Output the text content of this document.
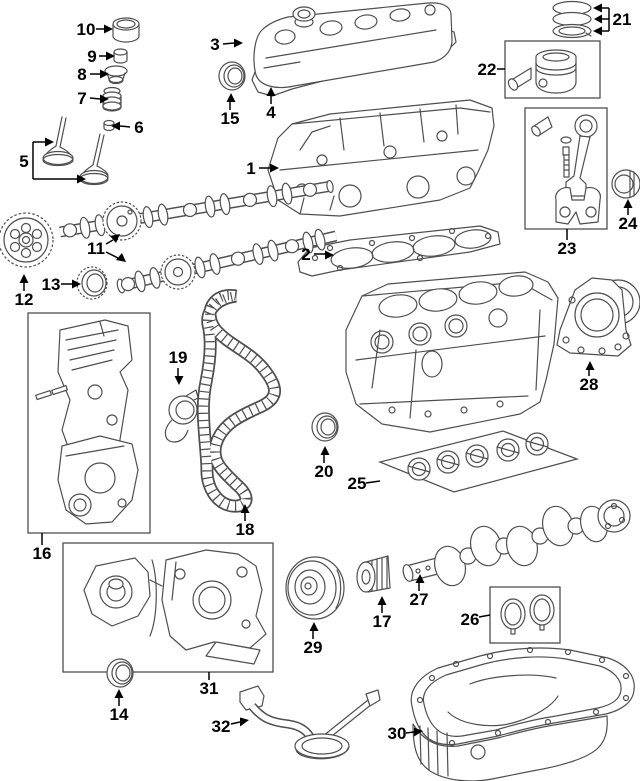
1
2
3
4
5
6
7
8
9
10
11
12
13
14
15
16
17
18
19
20
21
22
23
24
25
26
27
28
29
30
31
32
